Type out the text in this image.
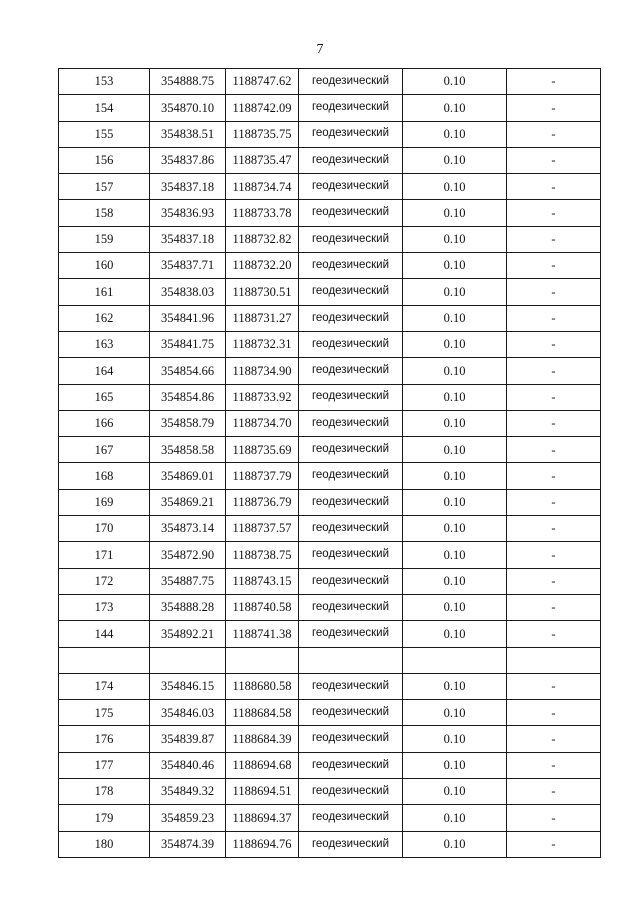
7
153	354888.75	1188747.62	геодезический	0.10	-
154	354870.10	1188742.09	геодезический	0.10	-
155	354838.51	1188735.75	геодезический	0.10	-
156	354837.86	1188735.47	геодезический	0.10	-
157	354837.18	1188734.74	геодезический	0.10	-
158	354836.93	1188733.78	геодезический	0.10	-
159	354837.18	1188732.82	геодезический	0.10	-
160	354837.71	1188732.20	геодезический	0.10	-
161	354838.03	1188730.51	геодезический	0.10	-
162	354841.96	1188731.27	геодезический	0.10	-
163	354841.75	1188732.31	геодезический	0.10	-
164	354854.66	1188734.90	геодезический	0.10	-
165	354854.86	1188733.92	геодезический	0.10	-
166	354858.79	1188734.70	геодезический	0.10	-
167	354858.58	1188735.69	геодезический	0.10	-
168	354869.01	1188737.79	геодезический	0.10	-
169	354869.21	1188736.79	геодезический	0.10	-
170	354873.14	1188737.57	геодезический	0.10	-
171	354872.90	1188738.75	геодезический	0.10	-
172	354887.75	1188743.15	геодезический	0.10	-
173	354888.28	1188740.58	геодезический	0.10	-
144	354892.21	1188741.38	геодезический	0.10	-

174	354846.15	1188680.58	геодезический	0.10	-
175	354846.03	1188684.58	геодезический	0.10	-
176	354839.87	1188684.39	геодезический	0.10	-
177	354840.46	1188694.68	геодезический	0.10	-
178	354849.32	1188694.51	геодезический	0.10	-
179	354859.23	1188694.37	геодезический	0.10	-
180	354874.39	1188694.76	геодезический	0.10	-
